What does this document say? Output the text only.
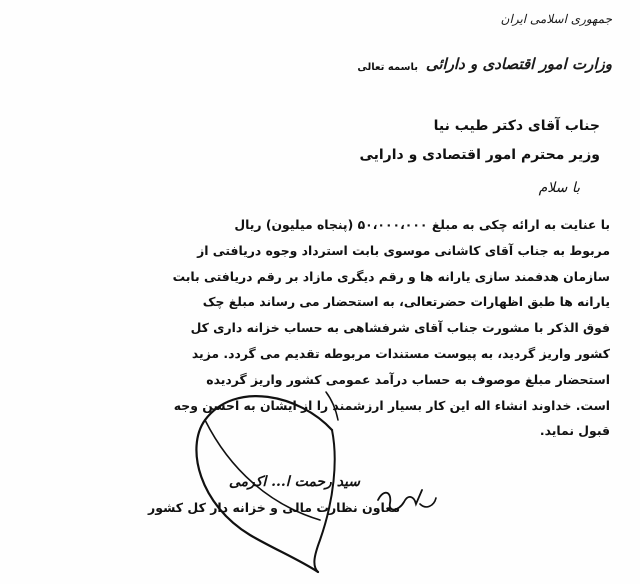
جمهوری اسلامی ایران
وزارت امور اقتصادی و دارائی
باسمه تعالی
جناب آقای دکتر طیب نیا
وزیر محترم امور اقتصادی و دارایی
با سلام
با عنایت به ارائه چکی به مبلغ ۵۰،۰۰۰،۰۰۰ (پنجاه میلیون) ریال
مربوط به جناب آقای کاشانی موسوی بابت استرداد وجوه دریافتی از
سازمان هدفمند سازی یارانه ها و رقم دیگری مازاد بر رقم دریافتی بابت
یارانه ها طبق اظهارات حضرتعالی، به استحضار می رساند مبلغ چک
فوق الذکر با مشورت جناب آقای شرفشاهی به حساب خزانه داری کل
کشور واریز گردید، به پیوست مستندات مربوطه تقدیم می گردد. مزید
استحضار مبلغ موصوف به حساب درآمد عمومی کشور واریز گردیده
است. خداوند انشاء اله این کار بسیار ارزشمند را از ایشان به احسن وجه
قبول نماید.
سید رحمت ا... اکرمی
معاون نظارت مالی و خزانه دار کل کشور
